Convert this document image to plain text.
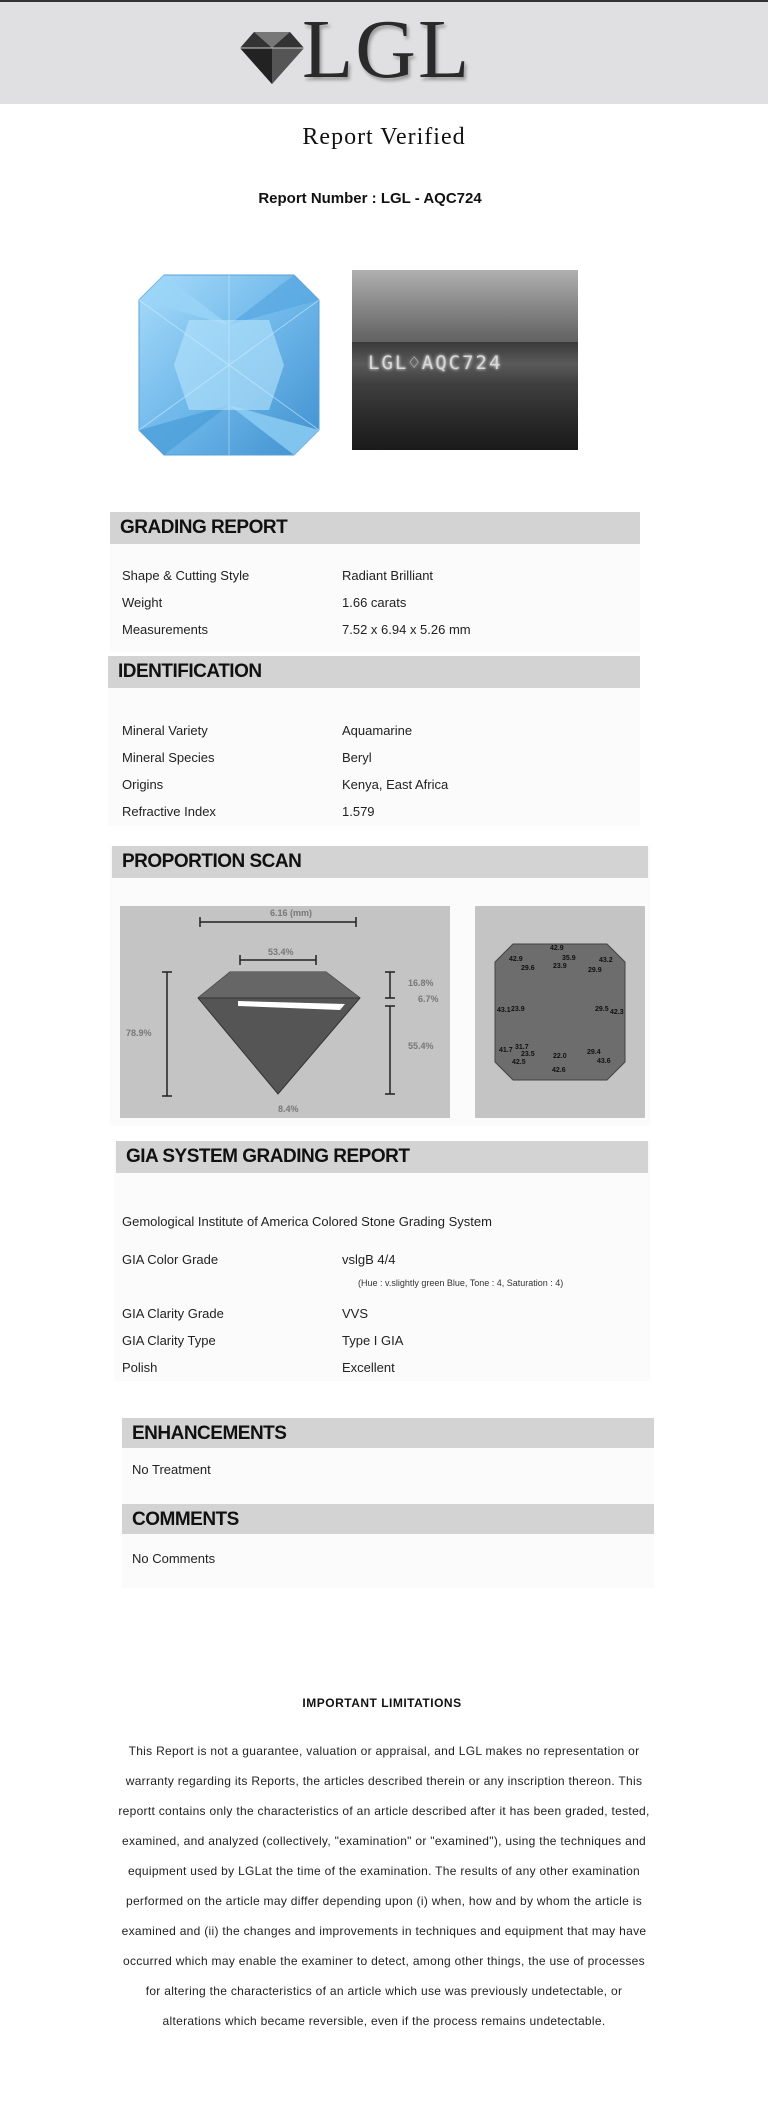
LGL
Report Verified
Report Number : LGL - AQC724
LGL♢AQC724
GRADING REPORT
Shape & Cutting Style	Radiant Brilliant
Weight	1.66 carats
Measurements	7.52 x 6.94 x 5.26 mm
IDENTIFICATION
Mineral Variety	Aquamarine
Mineral Species	Beryl
Origins	Kenya, East Africa
Refractive Index	1.579
PROPORTION SCAN
6.16 (mm)
53.4%
78.9%
16.8%
6.7%
55.4%
8.4%
42.9
42.9
29.6
35.9
23.9
43.2
29.9
43.1 23.9	29.5 42.3
41.7 31.7
23.5
42.5
22.0
29.4
43.6
42.6
GIA SYSTEM GRADING REPORT
Gemological Institute of America Colored Stone Grading System
GIA Color Grade	vslgB 4/4
(Hue : v.slightly green Blue, Tone : 4, Saturation : 4)
GIA Clarity Grade	VVS
GIA Clarity Type	Type I GIA
Polish	Excellent
ENHANCEMENTS
No Treatment
COMMENTS
No Comments
IMPORTANT LIMITATIONS
This Report is not a guarantee, valuation or appraisal, and LGL makes no representation or warranty regarding its Reports, the articles described therein or any inscription thereon. This reportt contains only the characteristics of an article described after it has been graded, tested, examined, and analyzed (collectively, "examination" or "examined"), using the techniques and equipment used by LGLat the time of the examination. The results of any other examination performed on the article may differ depending upon (i) when, how and by whom the article is examined and (ii) the changes and improvements in techniques and equipment that may have occurred which may enable the examiner to detect, among other things, the use of processes for altering the characteristics of an article which use was previously undetectable, or alterations which became reversible, even if the process remains undetectable.
